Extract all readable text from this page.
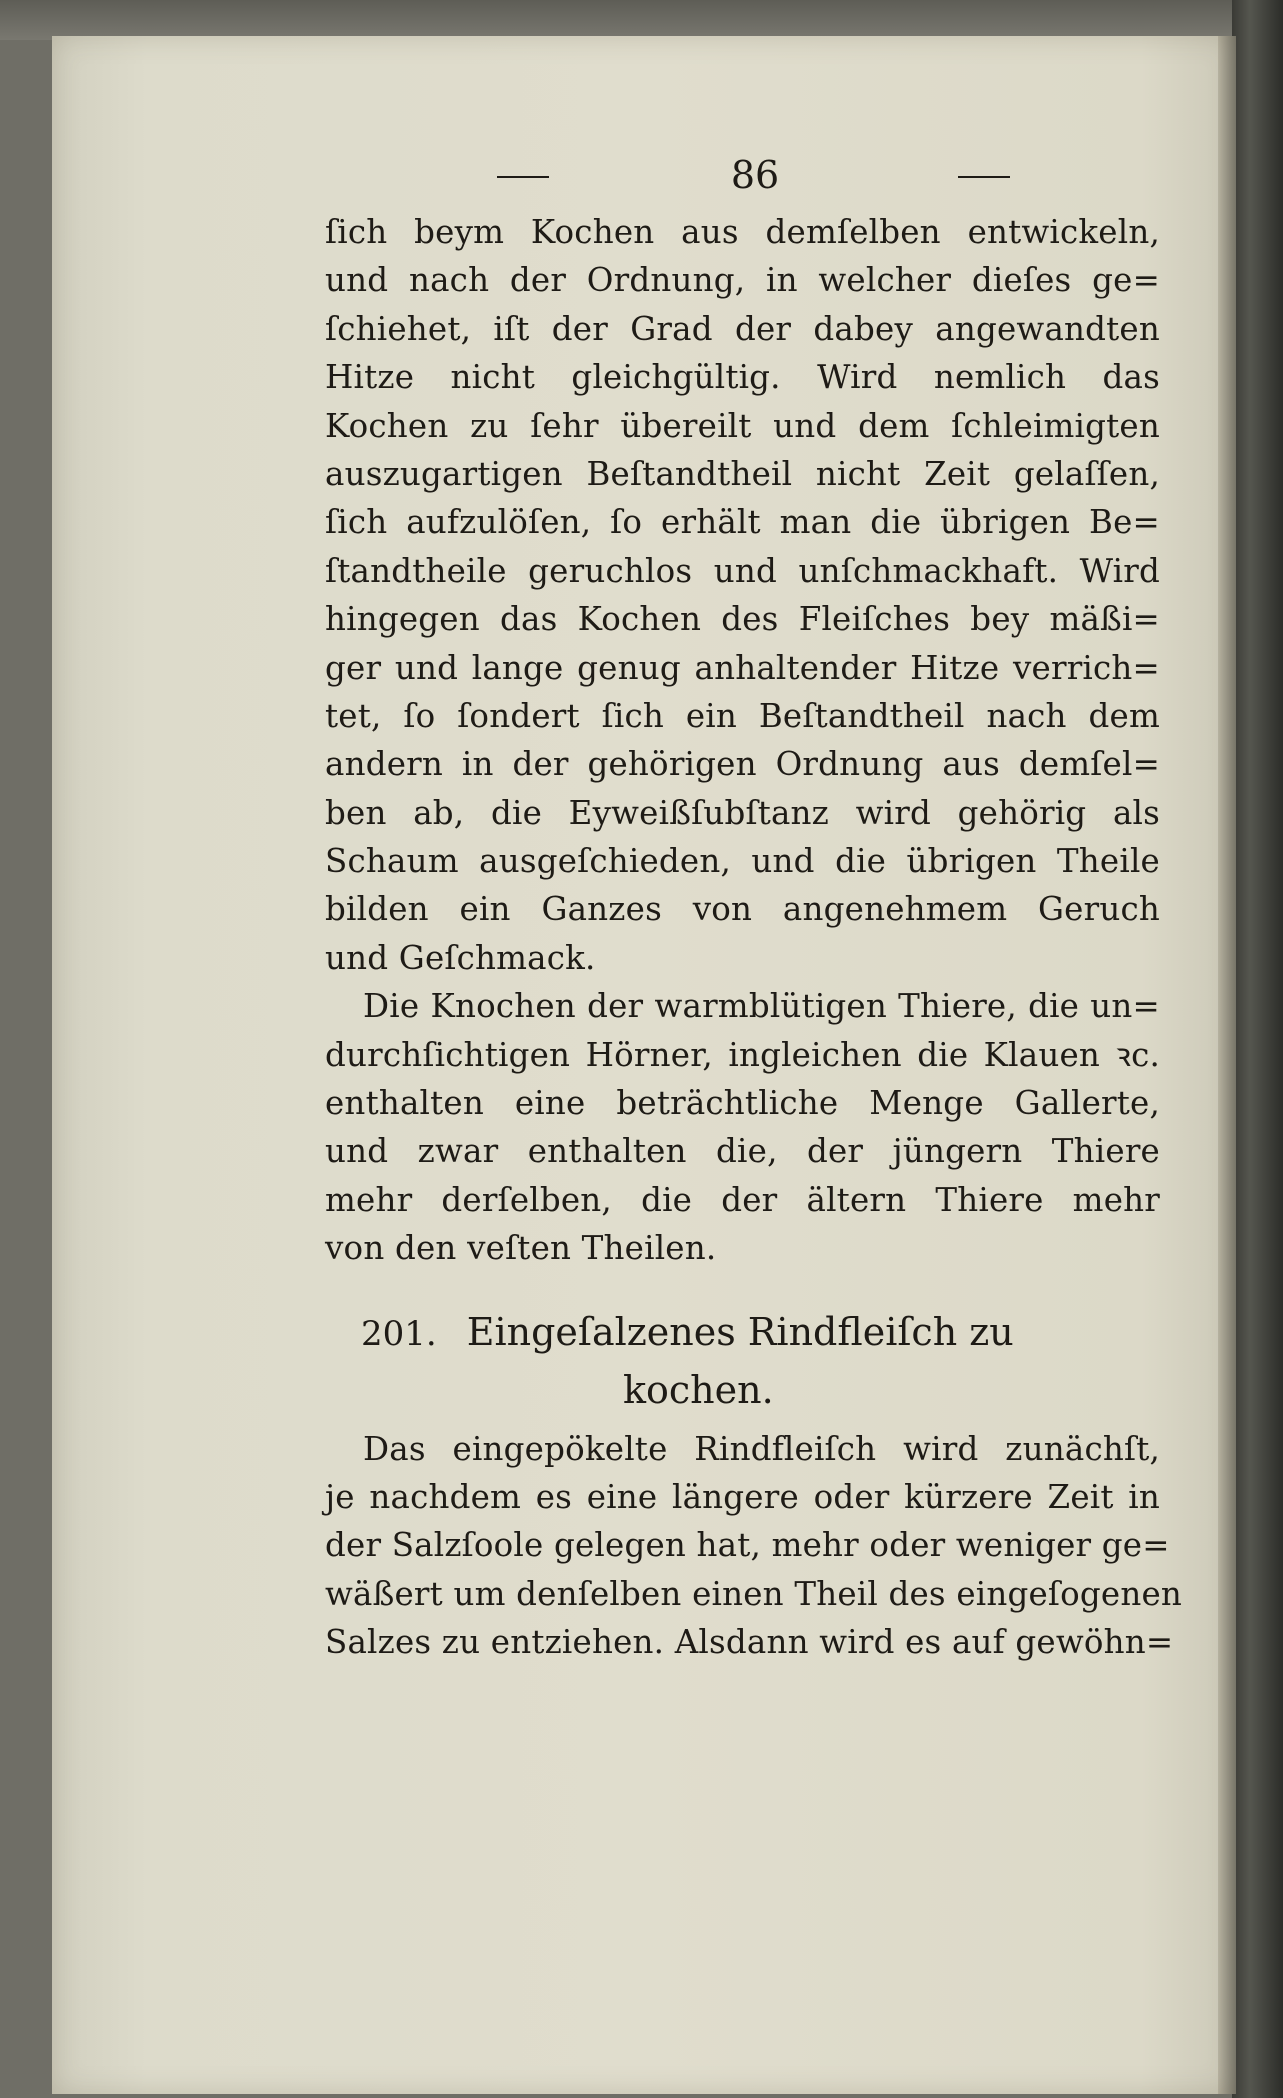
86
ſich beym Kochen aus demſelben entwickeln,
und nach der Ordnung, in welcher dieſes ge=
ſchiehet, iſt der Grad der dabey angewandten
Hitze nicht gleichgültig. Wird nemlich das
Kochen zu ſehr übereilt und dem ſchleimigten
auszugartigen Beſtandtheil nicht Zeit gelaſſen,
ſich aufzulöſen, ſo erhält man die übrigen Be=
ſtandtheile geruchlos und unſchmackhaft. Wird
hingegen das Kochen des Fleiſches bey mäßi=
ger und lange genug anhaltender Hitze verrich=
tet, ſo ſondert ſich ein Beſtandtheil nach dem
andern in der gehörigen Ordnung aus demſel=
ben ab, die Eyweißſubſtanz wird gehörig als
Schaum ausgeſchieden, und die übrigen Theile
bilden ein Ganzes von angenehmem Geruch
und Geſchmack.
Die Knochen der warmblütigen Thiere, die un=
durchſichtigen Hörner, ingleichen die Klauen ꝛc.
enthalten eine beträchtliche Menge Gallerte,
und zwar enthalten die, der jüngern Thiere
mehr derſelben, die der ältern Thiere mehr
von den veſten Theilen.
201. Eingeſalzenes Rindfleiſch zu
kochen.
Das eingepökelte Rindfleiſch wird zunächſt,
je nachdem es eine längere oder kürzere Zeit in
der Salzſoole gelegen hat, mehr oder weniger ge=
wäßert um denſelben einen Theil des eingeſogenen
Salzes zu entziehen. Alsdann wird es auf gewöhn=
